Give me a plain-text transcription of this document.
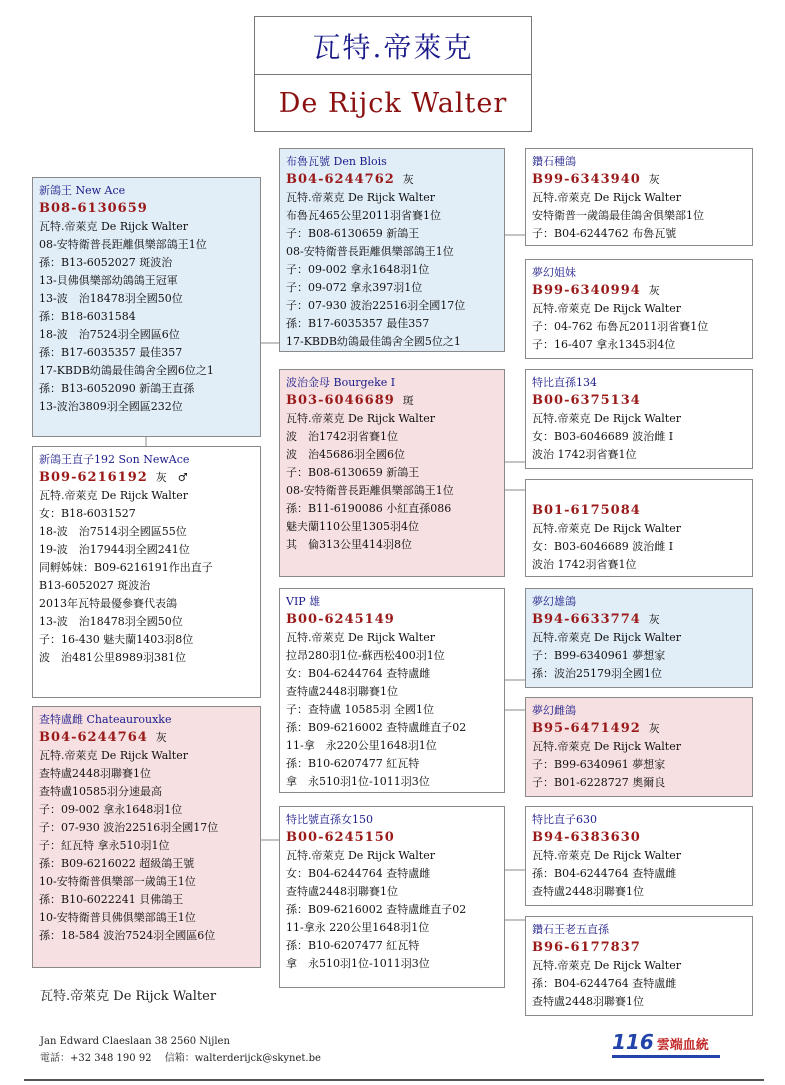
瓦特.帝萊克
De Rijck Walter
新鴿王 New Ace
B08-6130659
瓦特.帝萊克 De Rijck Walter
08-安特衛普長距離俱樂部鴿王1位
孫：B13-6052027 斑波治
13-貝佛俱樂部幼鴿鴿王冠軍
13-波　治18478羽全國50位
孫：B18-6031584
18-波　治7524羽全國區6位
孫：B17-6035357 最佳357
17-KBDB幼鴿最佳鴿舍全國6位之1
孫：B13-6052090 新鴿王直孫
13-波治3809羽全國區232位
新鴿王直子192 Son NewAce
B09-6216192 灰　♂
瓦特.帝萊克 De Rijck Walter
女：B18-6031527
18-波　治7514羽全國區55位
19-波　治17944羽全國241位
同孵姊妹：B09-6216191作出直子
B13-6052027 斑波治
2013年瓦特最優參賽代表鴿
13-波　治18478羽全國50位
子：16-430 魅夫蘭1403羽8位
波　治481公里8989羽381位
查特盧雌 Chateaurouxke
B04-6244764 灰
瓦特.帝萊克 De Rijck Walter
查特盧2448羽聯賽1位
查特盧10585羽分速最高
子：09-002 拿永1648羽1位
子：07-930 波治22516羽全國17位
子：紅瓦特 拿永510羽1位
孫：B09-6216022 超級鴿王號
10-安特衛普俱樂部一歲鴿王1位
孫：B10-6022241 貝佛鴿王
10-安特衛普貝佛俱樂部鴿王1位
孫：18-584 波治7524羽全國區6位
布魯瓦號 Den Blois
B04-6244762 灰
瓦特.帝萊克 De Rijck Walter
布魯瓦465公里2011羽省賽1位
子：B08-6130659 新鴿王
08-安特衛普長距離俱樂部鴿王1位
子：09-002 拿永1648羽1位
子：09-072 拿永397羽1位
子：07-930 波治22516羽全國17位
孫：B17-6035357 最佳357
17-KBDB幼鴿最佳鴿舍全國5位之1
波治金母 Bourgeke I
B03-6046689 斑
瓦特.帝萊克 De Rijck Walter
波　治1742羽省賽1位
波　治45686羽全國6位
子：B08-6130659 新鴿王
08-安特衛普長距離俱樂部鴿王1位
孫：B11-6190086 小紅直孫086
魅夫蘭110公里1305羽4位
其　倫313公里414羽8位
VIP 雄
B00-6245149
瓦特.帝萊克 De Rijck Walter
拉昂280羽1位-蘇西松400羽1位
女：B04-6244764 查特盧雌
查特盧2448羽聯賽1位
子：查特盧 10585羽 全國1位
孫：B09-6216002 查特盧雌直子02
11-拿　永220公里1648羽1位
孫：B10-6207477 紅瓦特
拿　永510羽1位-1011羽3位
特比號直孫女150
B00-6245150
瓦特.帝萊克 De Rijck Walter
女：B04-6244764 查特盧雌
查特盧2448羽聯賽1位
孫：B09-6216002 查特盧雌直子02
11-拿永 220公里1648羽1位
孫：B10-6207477 紅瓦特
拿　永510羽1位-1011羽3位
鑽石種鴿
B99-6343940 灰
瓦特.帝萊克 De Rijck Walter
安特衛普一歲鴿最佳鴿舍俱樂部1位
子：B04-6244762 布魯瓦號
夢幻姐妹
B99-6340994 灰
瓦特.帝萊克 De Rijck Walter
子：04-762 布魯瓦2011羽省賽1位
子：16-407 拿永1345羽4位
特比直孫134
B00-6375134
瓦特.帝萊克 De Rijck Walter
女：B03-6046689 波治雌 I
波治 1742羽省賽1位
B01-6175084
瓦特.帝萊克 De Rijck Walter
女：B03-6046689 波治雌 I
波治 1742羽省賽1位
夢幻雄鴿
B94-6633774 灰
瓦特.帝萊克 De Rijck Walter
子：B99-6340961 夢想家
孫：波治25179羽全國1位
夢幻雌鴿
B95-6471492 灰
瓦特.帝萊克 De Rijck Walter
子：B99-6340961 夢想家
子：B01-6228727 奧爾良
特比直子630
B94-6383630
瓦特.帝萊克 De Rijck Walter
孫：B04-6244764 查特盧雌
查特盧2448羽聯賽1位
鑽石王老五直孫
B96-6177837
瓦特.帝萊克 De Rijck Walter
孫：B04-6244764 查特盧雌
查特盧2448羽聯賽1位
瓦特.帝萊克 De Rijck Walter
Jan Edward Claeslaan 38 2560 Nijlen
電話：+32 348 190 92　 信箱：walterderijck@skynet.be
116 雲端血統
